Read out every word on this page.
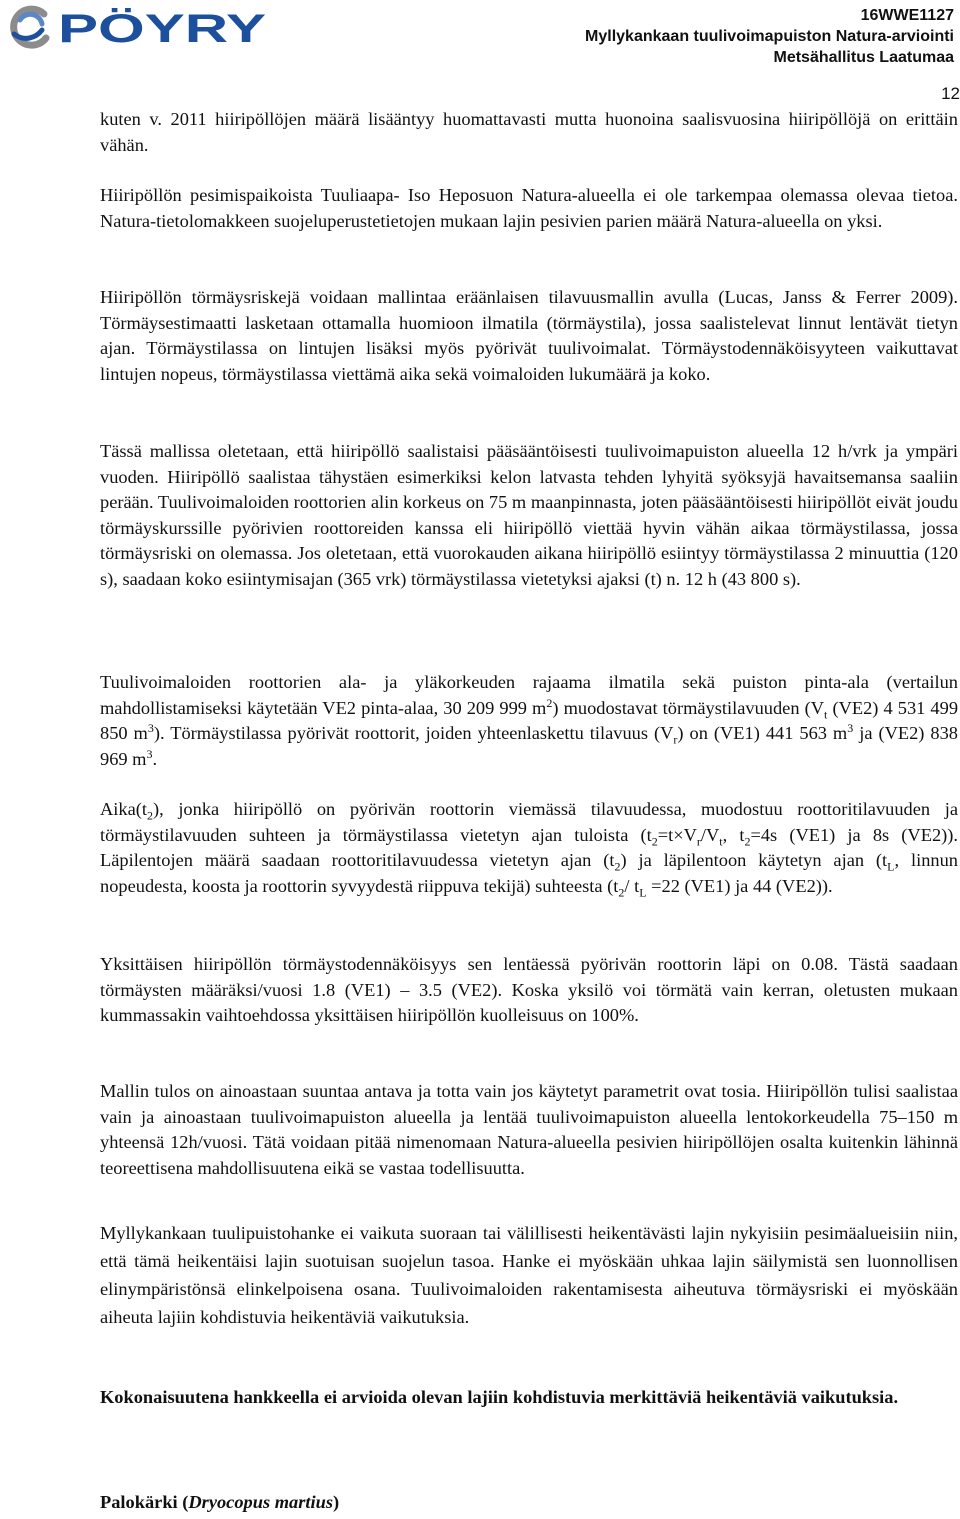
PÖYRY	16WWE1127
Myllykankaan tuulivoimapuiston Natura-arviointi
Metsähallitus Laatumaa
12

kuten v. 2011 hiiripöllöjen määrä lisääntyy huomattavasti mutta huonoina saalisvuosina hiiripöllöjä on erittäin vähän.

Hiiripöllön pesimispaikoista Tuuliaapa- Iso Heposuon Natura-alueella ei ole tarkempaa olemassa olevaa tietoa. Natura-tietolomakkeen suojeluperustetietojen mukaan lajin pesivien parien määrä Natura-alueella on yksi.

Hiiripöllön törmäysriskejä voidaan mallintaa eräänlaisen tilavuusmallin avulla (Lucas, Janss & Ferrer 2009). Törmäysestimaatti lasketaan ottamalla huomioon ilmatila (törmäystila), jossa saalistelevat linnut lentävät tietyn ajan. Törmäystilassa on lintujen lisäksi myös pyörivät tuulivoimalat. Törmäystodennäköisyyteen vaikuttavat lintujen nopeus, törmäystilassa viettämä aika sekä voimaloiden lukumäärä ja koko.

Tässä mallissa oletetaan, että hiiripöllö saalistaisi pääsääntöisesti tuulivoimapuiston alueella 12 h/vrk ja ympäri vuoden. Hiiripöllö saalistaa tähystäen esimerkiksi kelon latvasta tehden lyhyitä syöksyjä havaitsemansa saaliin perään. Tuulivoimaloiden roottorien alin korkeus on 75 m maanpinnasta, joten pääsääntöisesti hiiripöllöt eivät joudu törmäyskurssille pyörivien roottoreiden kanssa eli hiiripöllö viettää hyvin vähän aikaa törmäystilassa, jossa törmäysriski on olemassa. Jos oletetaan, että vuorokauden aikana hiiripöllö esiintyy törmäystilassa 2 minuuttia (120 s), saadaan koko esiintymisajan (365 vrk) törmäystilassa vietetyksi ajaksi (t) n. 12 h (43 800 s).

Tuulivoimaloiden roottorien ala- ja yläkorkeuden rajaama ilmatila sekä puiston pinta-ala (vertailun mahdollistamiseksi käytetään VE2 pinta-alaa, 30 209 999 $m^2$) muodostavat törmäystilavuuden ($V_t$ (VE2) 4 531 499 850 $m^3$). Törmäystilassa pyörivät roottorit, joiden yhteenlaskettu tilavuus $(V_r)$ on (VE1) 441 563 $m^3$ ja (VE2) 838 969 $m^3$.

$Aika(t_2)$, jonka hiiripöllö on pyörivän roottorin viemässä tilavuudessa, muodostuu roottoritilavuuden ja törmäystilavuuden suhteen ja törmäystilassa vietetyn ajan tuloista ($t_2=t\times V_r/V_t$, $t_2=4s$ (VE1) ja 8s (VE2)). Läpilentojen määrä saadaan roottoritilavuudessa vietetyn ajan $(t_2)$ ja läpilentoon käytetyn ajan ($t_L$, linnun nopeudesta, koosta ja roottorin syvyydestä riippuva tekijä) suhteesta ($t_2/$ $t_L =22$ (VE1) ja 44 (VE2)).

Yksittäisen hiiripöllön törmäystodennäköisyys sen lentäessä pyörivän roottorin läpi on 0.08. Tästä saadaan törmäysten määräksi/vuosi 1.8 (VE1) – 3.5 (VE2). Koska yksilö voi törmätä vain kerran, oletusten mukaan kummassakin vaihtoehdossa yksittäisen hiiripöllön kuolleisuus on 100%.

Mallin tulos on ainoastaan suuntaa antava ja totta vain jos käytetyt parametrit ovat tosia. Hiiripöllön tulisi saalistaa vain ja ainoastaan tuulivoimapuiston alueella ja lentää tuulivoimapuiston alueella lentokorkeudella 75–150 m yhteensä 12h/vuosi. Tätä voidaan pitää nimenomaan Natura-alueella pesivien hiiripöllöjen osalta kuitenkin lähinnä teoreettisena mahdollisuutena eikä se vastaa todellisuutta.

Myllykankaan tuulipuistohanke ei vaikuta suoraan tai välillisesti heikentävästi lajin nykyisiin pesimäalueisiin niin, että tämä heikentäisi lajin suotuisan suojelun tasoa. Hanke ei myöskään uhkaa lajin säilymistä sen luonnollisen elinympäristönsä elinkelpoisena osana. Tuulivoimaloiden rakentamisesta aiheutuva törmäysriski ei myöskään aiheuta lajiin kohdistuvia heikentäviä vaikutuksia.

Kokonaisuutena hankkeella ei arvioida olevan lajiin kohdistuvia merkittäviä heikentäviä vaikutuksia.

Palokärki (Dryocopus martius)
